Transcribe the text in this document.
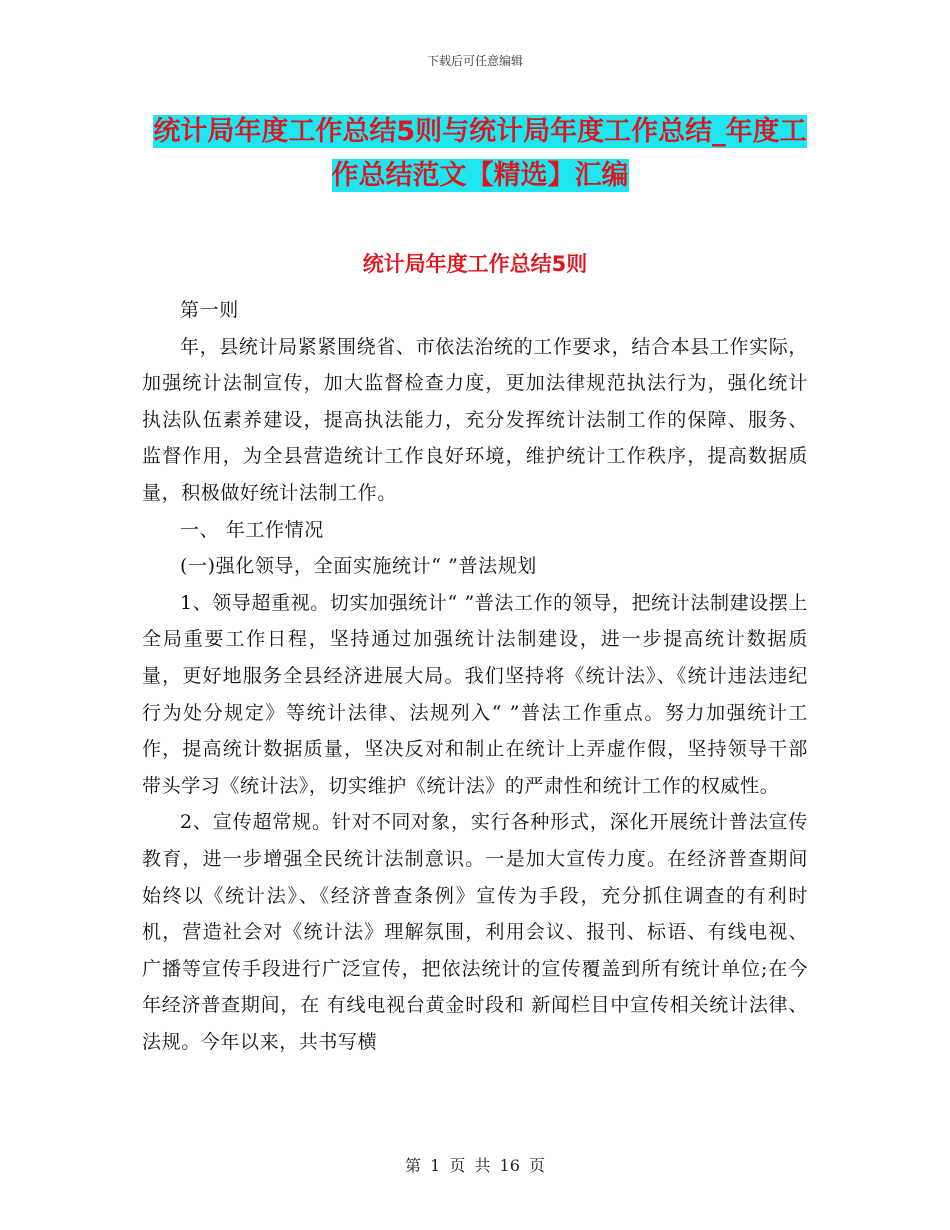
下载后可任意编辑
统计局年度工作总结5则与统计局年度工作总结_年度工作总结范文【精选】汇编
统计局年度工作总结5则

第一则

年，县统计局紧紧围绕省、市依法治统的工作要求，结合本县工作实际，加强统计法制宣传，加大监督检查力度，更加法律规范执法行为，强化统计执法队伍素养建设，提高执法能力，充分发挥统计法制工作的保障、服务、监督作用，为全县营造统计工作良好环境，维护统计工作秩序，提高数据质量，积极做好统计法制工作。

一、 年工作情况

(一)强化领导，全面实施统计“ ”普法规划

1、领导超重视。切实加强统计“ ”普法工作的领导，把统计法制建设摆上全局重要工作日程，坚持通过加强统计法制建设，进一步提高统计数据质量，更好地服务全县经济进展大局。我们坚持将《统计法》、《统计违法违纪行为处分规定》等统计法律、法规列入“ ”普法工作重点。努力加强统计工作，提高统计数据质量，坚决反对和制止在统计上弄虚作假，坚持领导干部带头学习《统计法》，切实维护《统计法》的严肃性和统计工作的权威性。

2、宣传超常规。针对不同对象，实行各种形式，深化开展统计普法宣传教育，进一步增强全民统计法制意识。一是加大宣传力度。在经济普查期间始终以《统计法》、《经济普查条例》宣传为手段，充分抓住调查的有利时机，营造社会对《统计法》理解氛围，利用会议、报刊、标语、有线电视、广播等宣传手段进行广泛宣传，把依法统计的宣传覆盖到所有统计单位;在今年经济普查期间，在 有线电视台黄金时段和 新闻栏目中宣传相关统计法律、法规。今年以来，共书写横

第 1 页 共 16 页
